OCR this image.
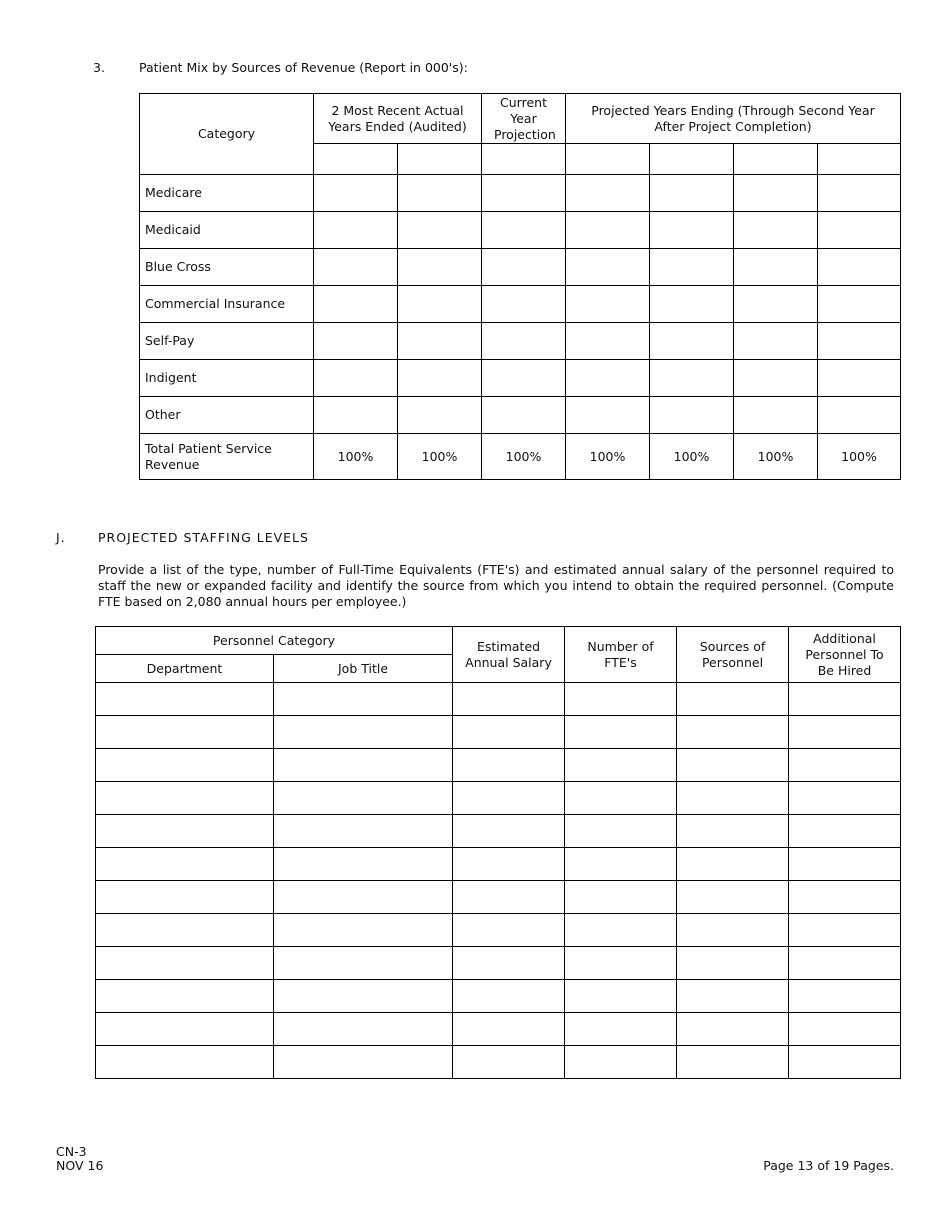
3.	Patient Mix by Sources of Revenue (Report in 000's):
Category	2 Most Recent Actual Years Ended (Audited)		Current Year Projection	Projected Years Ending (Through Second Year After Project Completion)			

Medicare							
Medicaid							
Blue Cross							
Commercial Insurance							
Self-Pay							
Indigent							
Other							
Total Patient Service Revenue	100%	100%	100%	100%	100%	100%	100%
J.	PROJECTED STAFFING LEVELS
Provide a list of the type, number of Full-Time Equivalents (FTE's) and estimated annual salary of the personnel required to staff the new or expanded facility and identify the source from which you intend to obtain the required personnel. (Compute FTE based on 2,080 annual hours per employee.)
Personnel Category		Estimated Annual Salary	Number of FTE's	Sources of Personnel	Additional Personnel To Be Hired
Department	Job Title				

CN-3
NOV 16	Page 13 of 19 Pages.
